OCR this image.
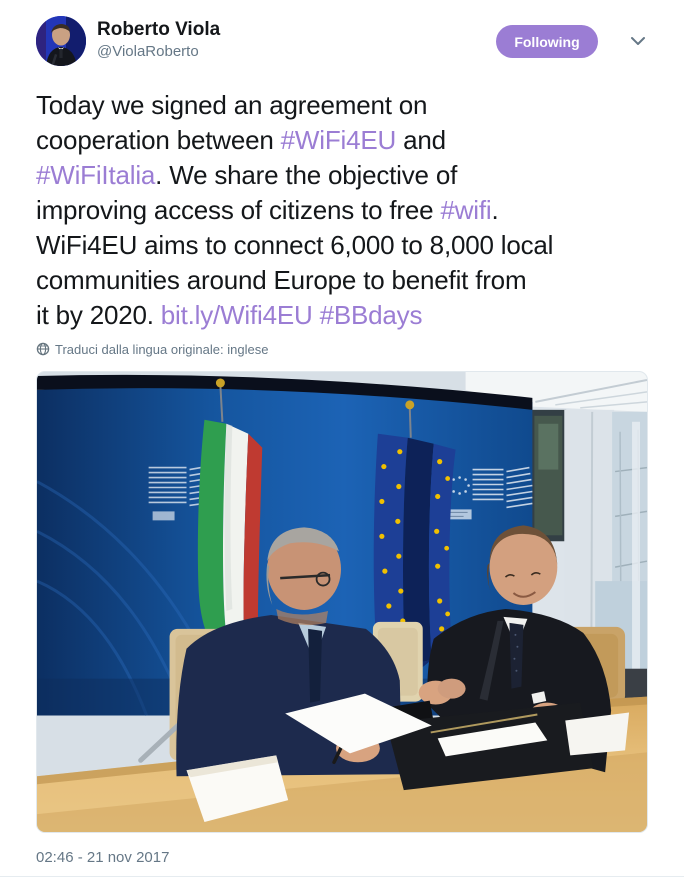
Roberto Viola
@ViolaRoberto
Following
Today we signed an agreement on
cooperation between #WiFi4EU and
#WiFiItalia. We share the objective of
improving access of citizens to free #wifi.
WiFi4EU aims to connect 6,000 to 8,000 local
communities around Europe to benefit from
it by 2020. bit.ly/Wifi4EU #BBdays
Traduci dalla lingua originale: inglese
02:46 - 21 nov 2017
